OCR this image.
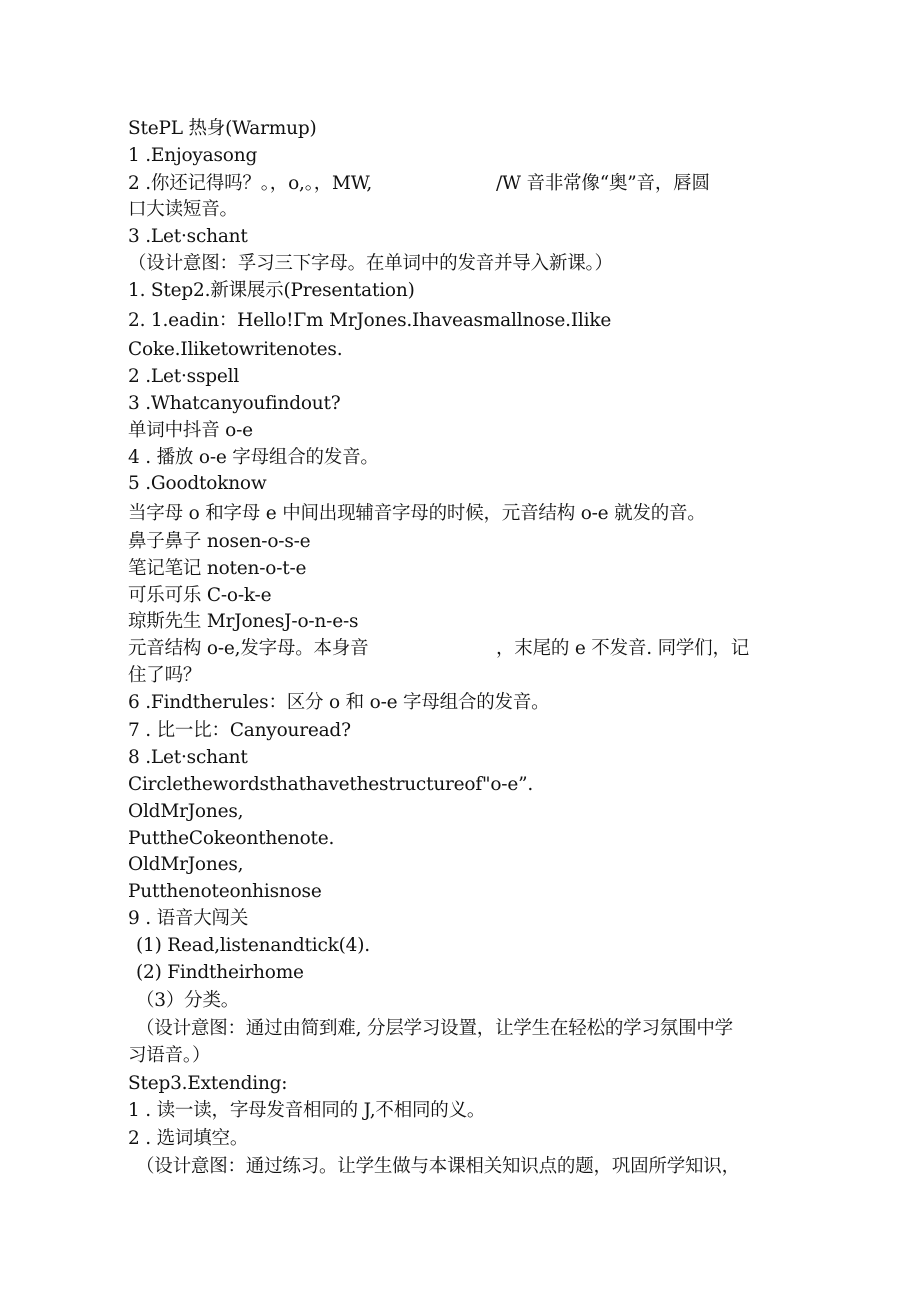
StePL 热身(Warmup)
1 .Enjoyasong
2 .你还记得吗？。，o,。，MW,	/W 音非常像“奥”音，唇圆
口大读短音。
3 .Let·schant
（设计意图：孚习三下字母。在单词中的发音并导入新课。）
1. Step2.新课展示(Presentation)
2. 1.eadin：Hello!Γm MrJones.Ihaveasmallnose.Ilike
Coke.Iliketowritenotes.
2 .Let·sspell
3 .Whatcanyoufindout?
单词中抖音 o-e
4 . 播放 o-e 字母组合的发音。
5 .Goodtoknow
当字母 o 和字母 e 中间出现辅音字母的时候，元音结构 o-e 就发的音。
鼻子鼻子 nosen-o-s-e
笔记笔记 noten-o-t-e
可乐可乐 C-o-k-e
琼斯先生 MrJonesJ-o-n-e-s
元音结构 o-e,发字母。本身音	，末尾的 e 不发音. 同学们，记
住了吗？
6 .Findtherules：区分 o 和 o-e 字母组合的发音。
7 . 比一比：Canyouread?
8 .Let·schant
Circlethewordsthathavethestructureof"o-e”.
OldMrJones,
PuttheCokeonthenote.
OldMrJones,
Putthenoteonhisnose
9 . 语音大闯关
(1) Read,listenandtick(4).
(2) Findtheirhome
（3）分类。
（设计意图：通过由简到难, 分层学习设置，让学生在轻松的学习氛围中学
习语音。）
Step3.Extending:
1 . 读一读，字母发音相同的 J,不相同的义。
2 . 选词填空。
（设计意图：通过练习。让学生做与本课相关知识点的题，巩固所学知识，
